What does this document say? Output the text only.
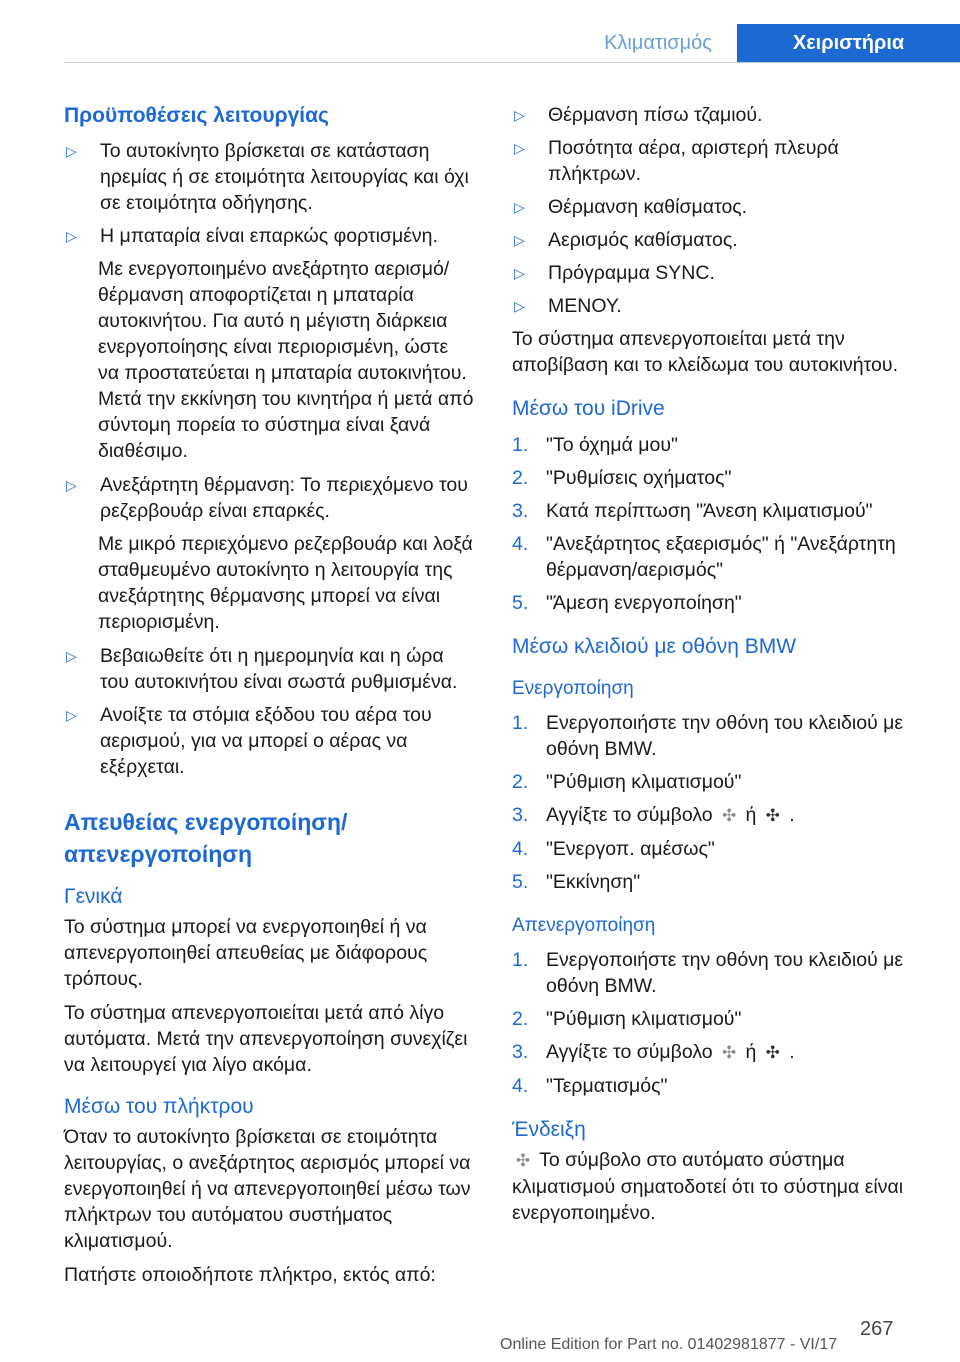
Κλιματισμός	Χειριστήρια
Προϋποθέσεις λειτουργίας
▷	Το αυτοκίνητο βρίσκεται σε κατάσταση ηρεμίας ή σε ετοιμότητα λειτουργίας και όχι σε ετοιμότητα οδήγησης.
▷	Η μπαταρία είναι επαρκώς φορτισμένη.
Με ενεργοποιημένο ανεξάρτητο αερισμό/θέρμανση αποφορτίζεται η μπαταρία αυτοκινήτου. Για αυτό η μέγιστη διάρκεια ενεργοποίησης είναι περιορισμένη, ώστε να προστατεύεται η μπαταρία αυτοκινήτου. Μετά την εκκίνηση του κινητήρα ή μετά από σύντομη πορεία το σύστημα είναι ξανά διαθέσιμο.
▷	Ανεξάρτητη θέρμανση: Το περιεχόμενο του ρεζερβουάρ είναι επαρκές.
Με μικρό περιεχόμενο ρεζερβουάρ και λοξά σταθμευμένο αυτοκίνητο η λειτουργία της ανεξάρτητης θέρμανσης μπορεί να είναι περιορισμένη.
▷	Βεβαιωθείτε ότι η ημερομηνία και η ώρα του αυτοκινήτου είναι σωστά ρυθμισμένα.
▷	Ανοίξτε τα στόμια εξόδου του αέρα του αερισμού, για να μπορεί ο αέρας να εξέρχεται.
Απευθείας ενεργοποίηση/απενεργοποίηση
Γενικά

Το σύστημα μπορεί να ενεργοποιηθεί ή να απενεργοποιηθεί απευθείας με διάφορους τρόπους.

Το σύστημα απενεργοποιείται μετά από λίγο αυτόματα. Μετά την απενεργοποίηση συνεχίζει να λειτουργεί για λίγο ακόμα.

Μέσω του πλήκτρου

Όταν το αυτοκίνητο βρίσκεται σε ετοιμότητα λειτουργίας, ο ανεξάρτητος αερισμός μπορεί να ενεργοποιηθεί ή να απενεργοποιηθεί μέσω των πλήκτρων του αυτόματου συστήματος κλιματισμού.

Πατήστε οποιοδήποτε πλήκτρο, εκτός από:

▷	Θέρμανση πίσω τζαμιού.
▷	Ποσότητα αέρα, αριστερή πλευρά πλήκτρων.
▷	Θέρμανση καθίσματος.
▷	Αερισμός καθίσματος.
▷	Πρόγραμμα SYNC.
▷	ΜΕΝΟΥ.

Το σύστημα απενεργοποιείται μετά την αποβίβαση και το κλείδωμα του αυτοκινήτου.

Μέσω του iDrive
1. "Το όχημά μου"
2. "Ρυθμίσεις οχήματος"
3. Κατά περίπτωση "Άνεση κλιματισμού"
4. "Ανεξάρτητος εξαερισμός" ή "Ανεξάρτητη θέρμανση/αερισμός"
5. "Άμεση ενεργοποίηση"
Μέσω κλειδιού με οθόνη BMW
Ενεργοποίηση
1. Ενεργοποιήστε την οθόνη του κλειδιού με οθόνη BMW.
2. "Ρύθμιση κλιματισμού"
3. Αγγίξτε το σύμβολο ✣ ή ✣ .
4. "Ενεργοπ. αμέσως"
5. "Εκκίνηση"
Απενεργοποίηση
1. Ενεργοποιήστε την οθόνη του κλειδιού με οθόνη BMW.
2. "Ρύθμιση κλιματισμού"
3. Αγγίξτε το σύμβολο ✣ ή ✣ .
4. "Τερματισμός"
Ένδειξη

✣ Το σύμβολο στο αυτόματο σύστημα κλιματισμού σηματοδοτεί ότι το σύστημα είναι ενεργοποιημένο.

267
Online Edition for Part no. 01402981877 - VI/17
